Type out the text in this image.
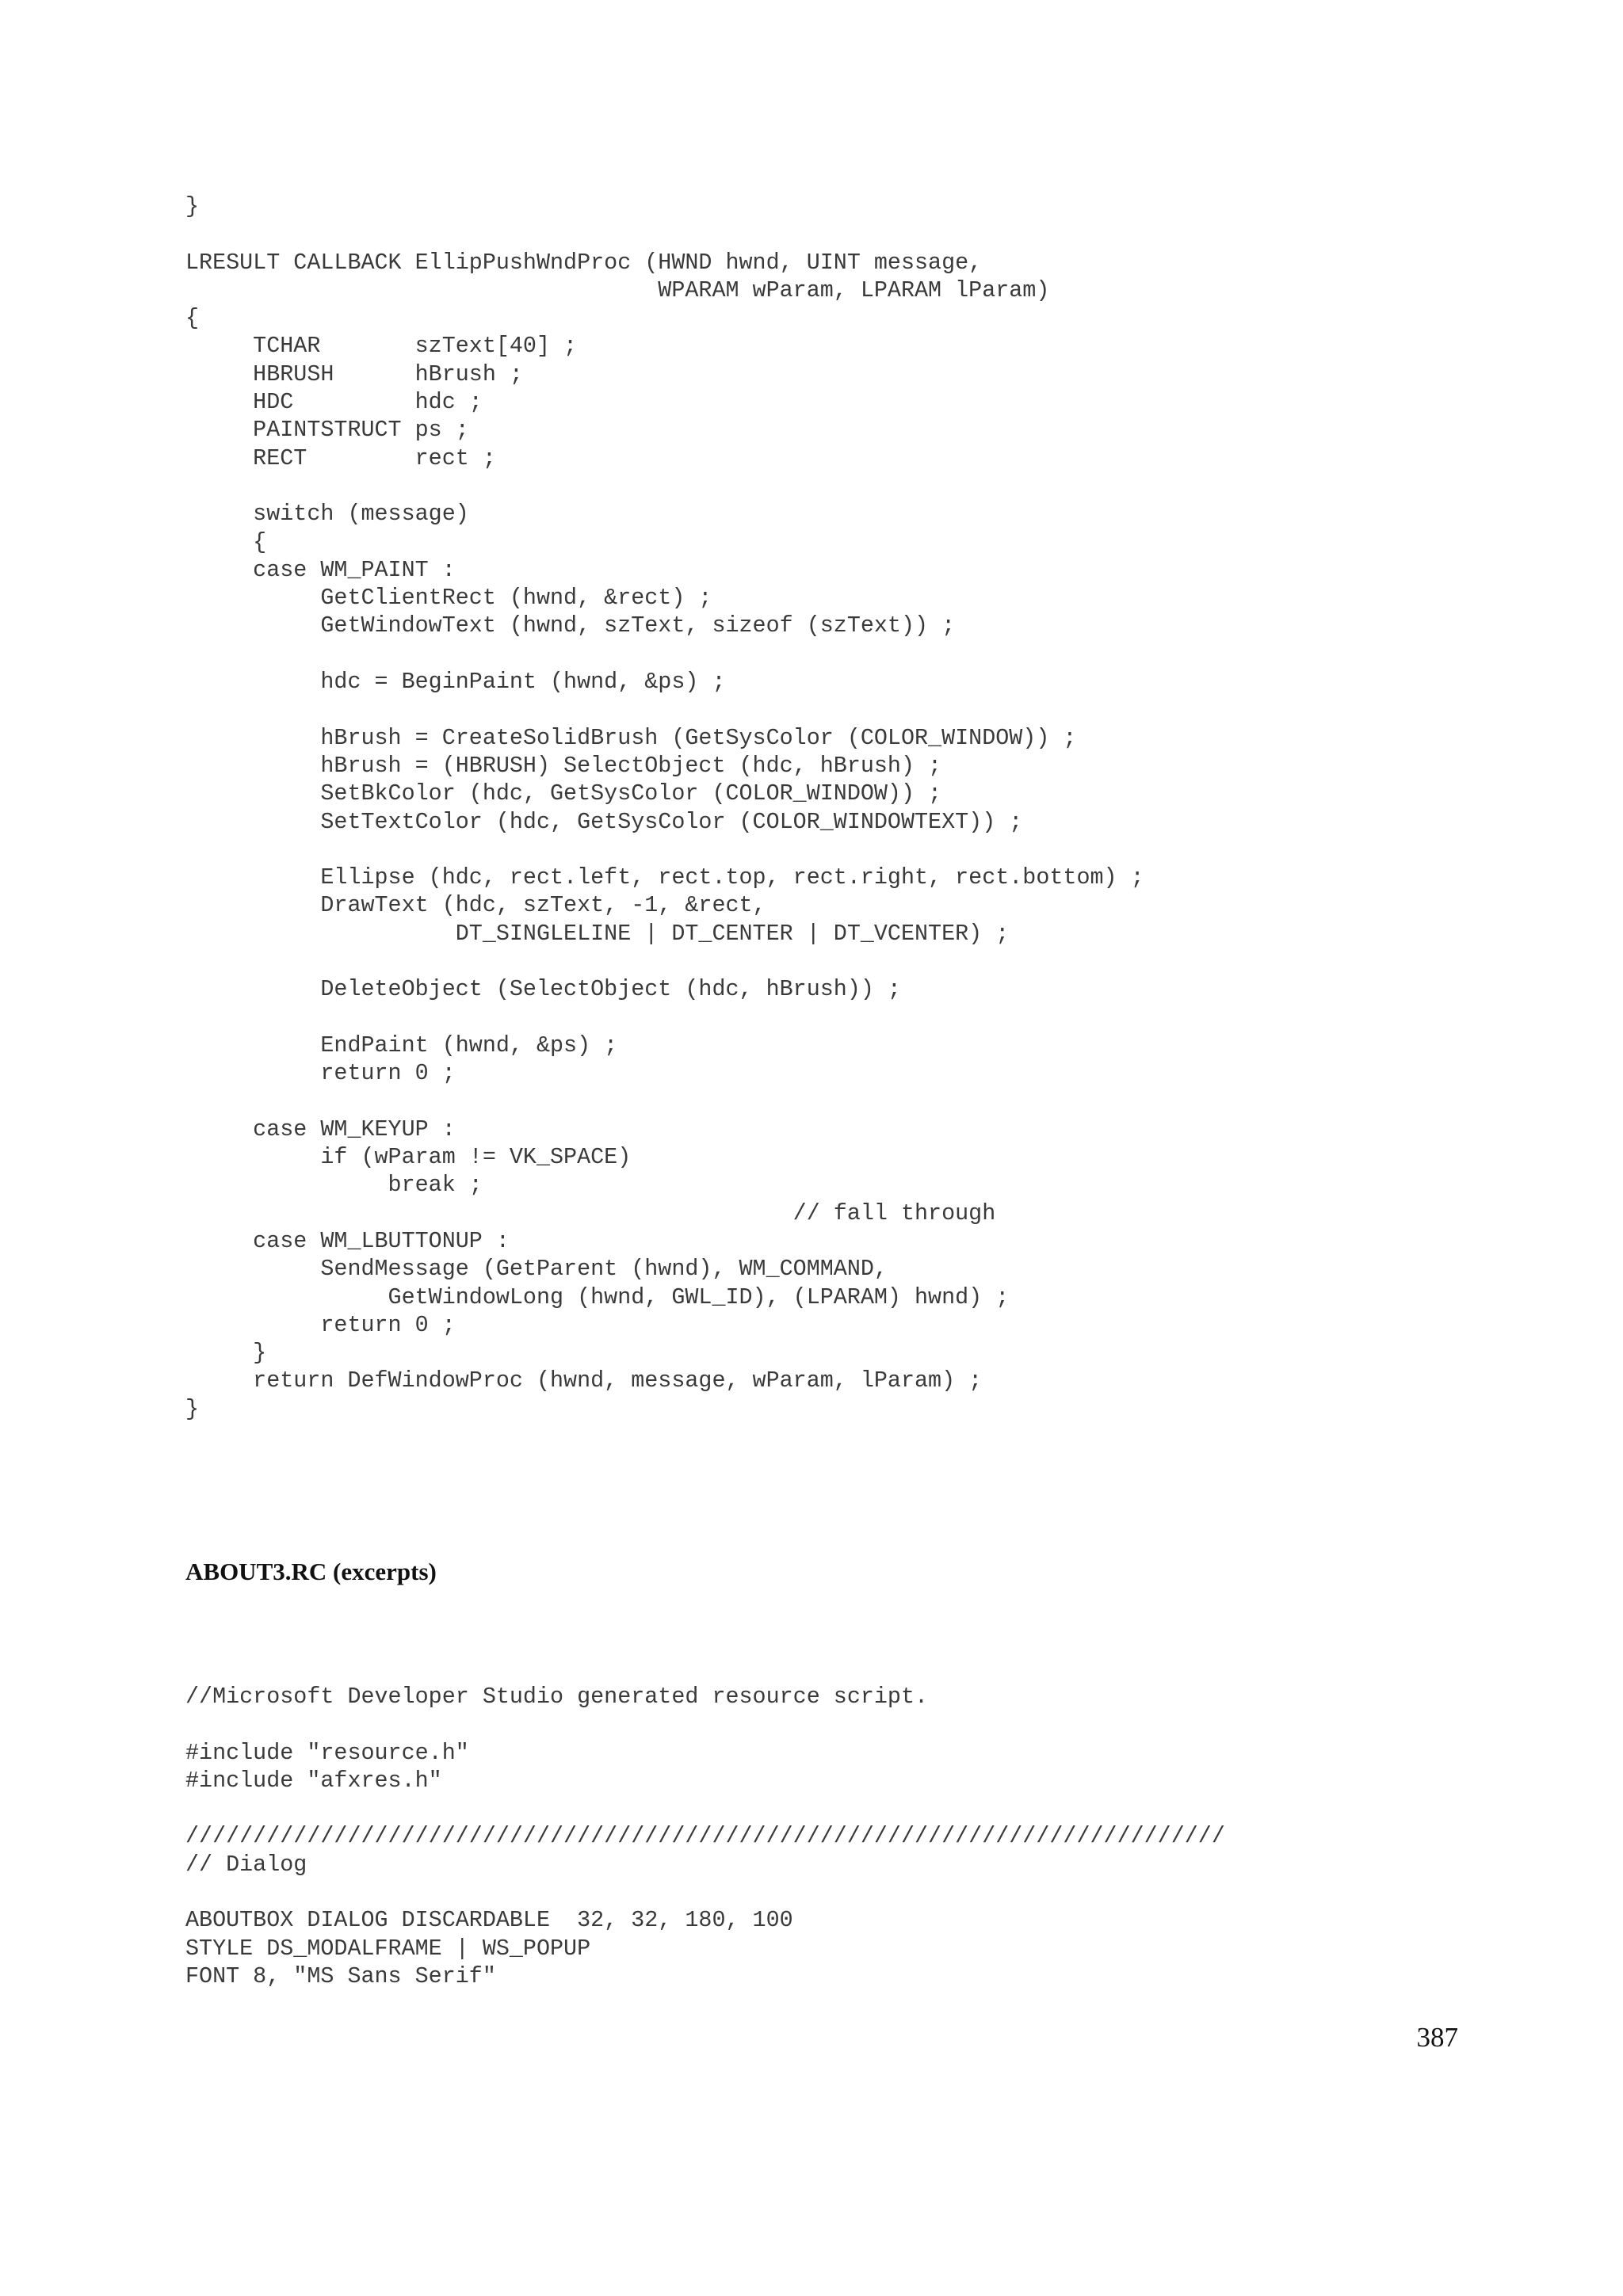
}

LRESULT CALLBACK EllipPushWndProc (HWND hwnd, UINT message,
WPARAM wParam, LPARAM lParam)
{
TCHAR       szText[40] ;
HBRUSH      hBrush ;
HDC         hdc ;
PAINTSTRUCT ps ;
RECT        rect ;

switch (message)
{
case WM_PAINT :
GetClientRect (hwnd, &rect) ;
GetWindowText (hwnd, szText, sizeof (szText)) ;

hdc = BeginPaint (hwnd, &ps) ;

hBrush = CreateSolidBrush (GetSysColor (COLOR_WINDOW)) ;
hBrush = (HBRUSH) SelectObject (hdc, hBrush) ;
SetBkColor (hdc, GetSysColor (COLOR_WINDOW)) ;
SetTextColor (hdc, GetSysColor (COLOR_WINDOWTEXT)) ;

Ellipse (hdc, rect.left, rect.top, rect.right, rect.bottom) ;
DrawText (hdc, szText, -1, &rect,
DT_SINGLELINE | DT_CENTER | DT_VCENTER) ;

DeleteObject (SelectObject (hdc, hBrush)) ;

EndPaint (hwnd, &ps) ;
return 0 ;

case WM_KEYUP :
if (wParam != VK_SPACE)
break ;
// fall through
case WM_LBUTTONUP :
SendMessage (GetParent (hwnd), WM_COMMAND,
GetWindowLong (hwnd, GWL_ID), (LPARAM) hwnd) ;
return 0 ;
}
return DefWindowProc (hwnd, message, wParam, lParam) ;
}
ABOUT3.RC (excerpts)
//Microsoft Developer Studio generated resource script.

#include "resource.h"
#include "afxres.h"

/////////////////////////////////////////////////////////////////////////////
// Dialog

ABOUTBOX DIALOG DISCARDABLE  32, 32, 180, 100
STYLE DS_MODALFRAME | WS_POPUP
FONT 8, "MS Sans Serif"
387
